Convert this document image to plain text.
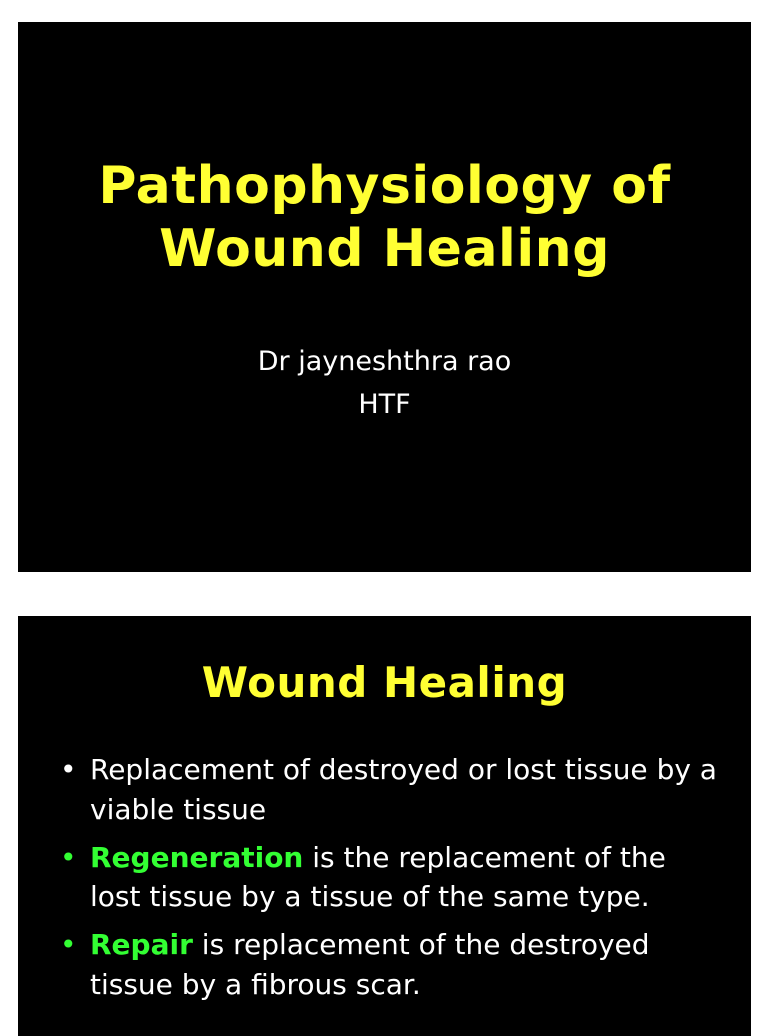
Pathophysiology of
Wound Healing
Dr jayneshthra rao
HTF
Wound Healing
• Replacement of destroyed or lost tissue by a viable tissue
• Regeneration is the replacement of the lost tissue by a tissue of the same type.
• Repair is replacement of the destroyed tissue by a fibrous scar.
